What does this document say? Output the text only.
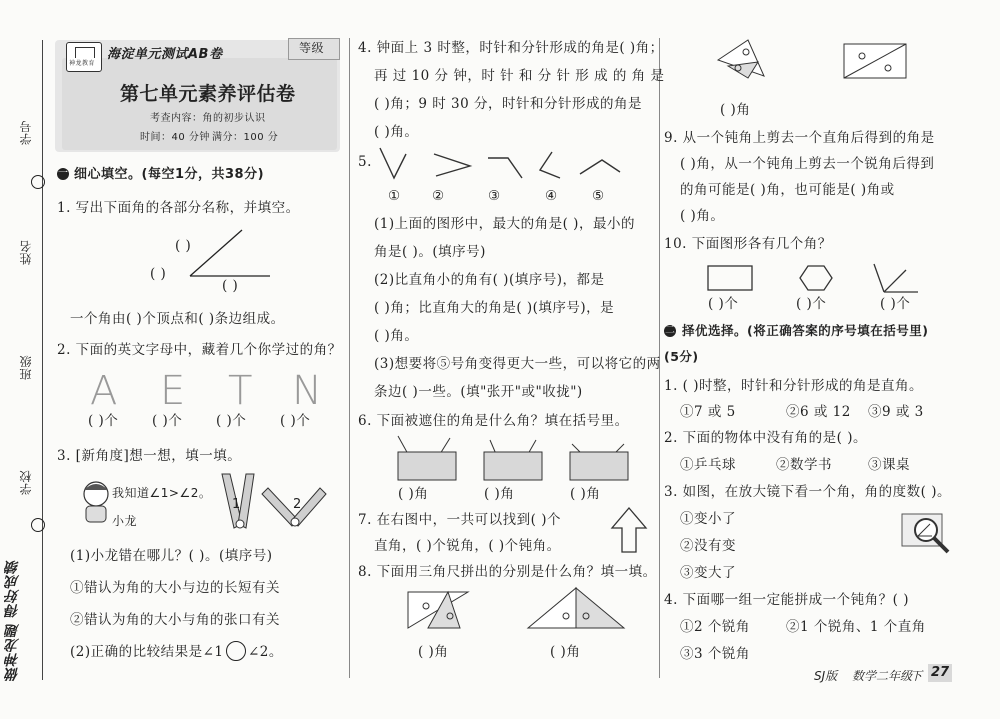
学号
姓名
班级
学校
做神龙题 得好成绩
神龙教育
海淀单元测试AB卷	等级
第七单元素养评估卷
考查内容：角的初步认识
时间：40 分钟 满分：100 分
一 细心填空。(每空1分，共38分)
1. 写出下面角的各部分名称，并填空。
( )
( )
( )
一个角由( )个顶点和( )条边组成。
2. 下面的英文字母中，藏着几个你学过的角？
A E T N
( )个 ( )个 ( )个 ( )个
3. [新角度]想一想，填一填。
我知道∠1>∠2。
小龙
1	2
(1)小龙错在哪儿？( )。(填序号)
①错认为角的大小与边的长短有关
②错认为角的大小与角的张口有关
(2)正确的比较结果是∠1 ∠2。
4. 钟面上 3 时整，时针和分针形成的角是( )角；
再 过 10 分 钟，时 针 和 分 针 形 成 的 角 是
( )角；9 时 30 分，时针和分针形成的角是
( )角。
5.
① ②	③	④	⑤
(1)上面的图形中，最大的角是( )，最小的
角是( )。(填序号)
(2)比直角小的角有( )(填序号)，都是
( )角；比直角大的角是( )(填序号)，是
( )角。
(3)想要将⑤号角变得更大一些，可以将它的两
条边( )一些。(填"张开"或"收拢")
6. 下面被遮住的角是什么角？填在括号里。
( )角	( )角	( )角
7. 在右图中，一共可以找到( )个
直角，( )个锐角，( )个钝角。
8. 下面用三角尺拼出的分别是什么角？填一填。
( )角	( )角
( )角
9. 从一个钝角上剪去一个直角后得到的角是
( )角，从一个钝角上剪去一个锐角后得到
的角可能是( )角，也可能是( )角或
( )角。
10. 下面图形各有几个角？
( )个	( )个	( )个
二 择优选择。(将正确答案的序号填在括号里)
(5分)
1. ( )时整，时针和分针形成的角是直角。
①7 或 5	②6 或 12 ③9 或 3
2. 下面的物体中没有角的是( )。
①乒乓球	②数学书	③课桌
3. 如图，在放大镜下看一个角，角的度数( )。
①变小了
②没有变
③变大了
4. 下面哪一组一定能拼成一个钝角？( )
①2 个锐角	②1 个锐角、1 个直角
③3 个锐角
SJ版 数学二年级
下 27
